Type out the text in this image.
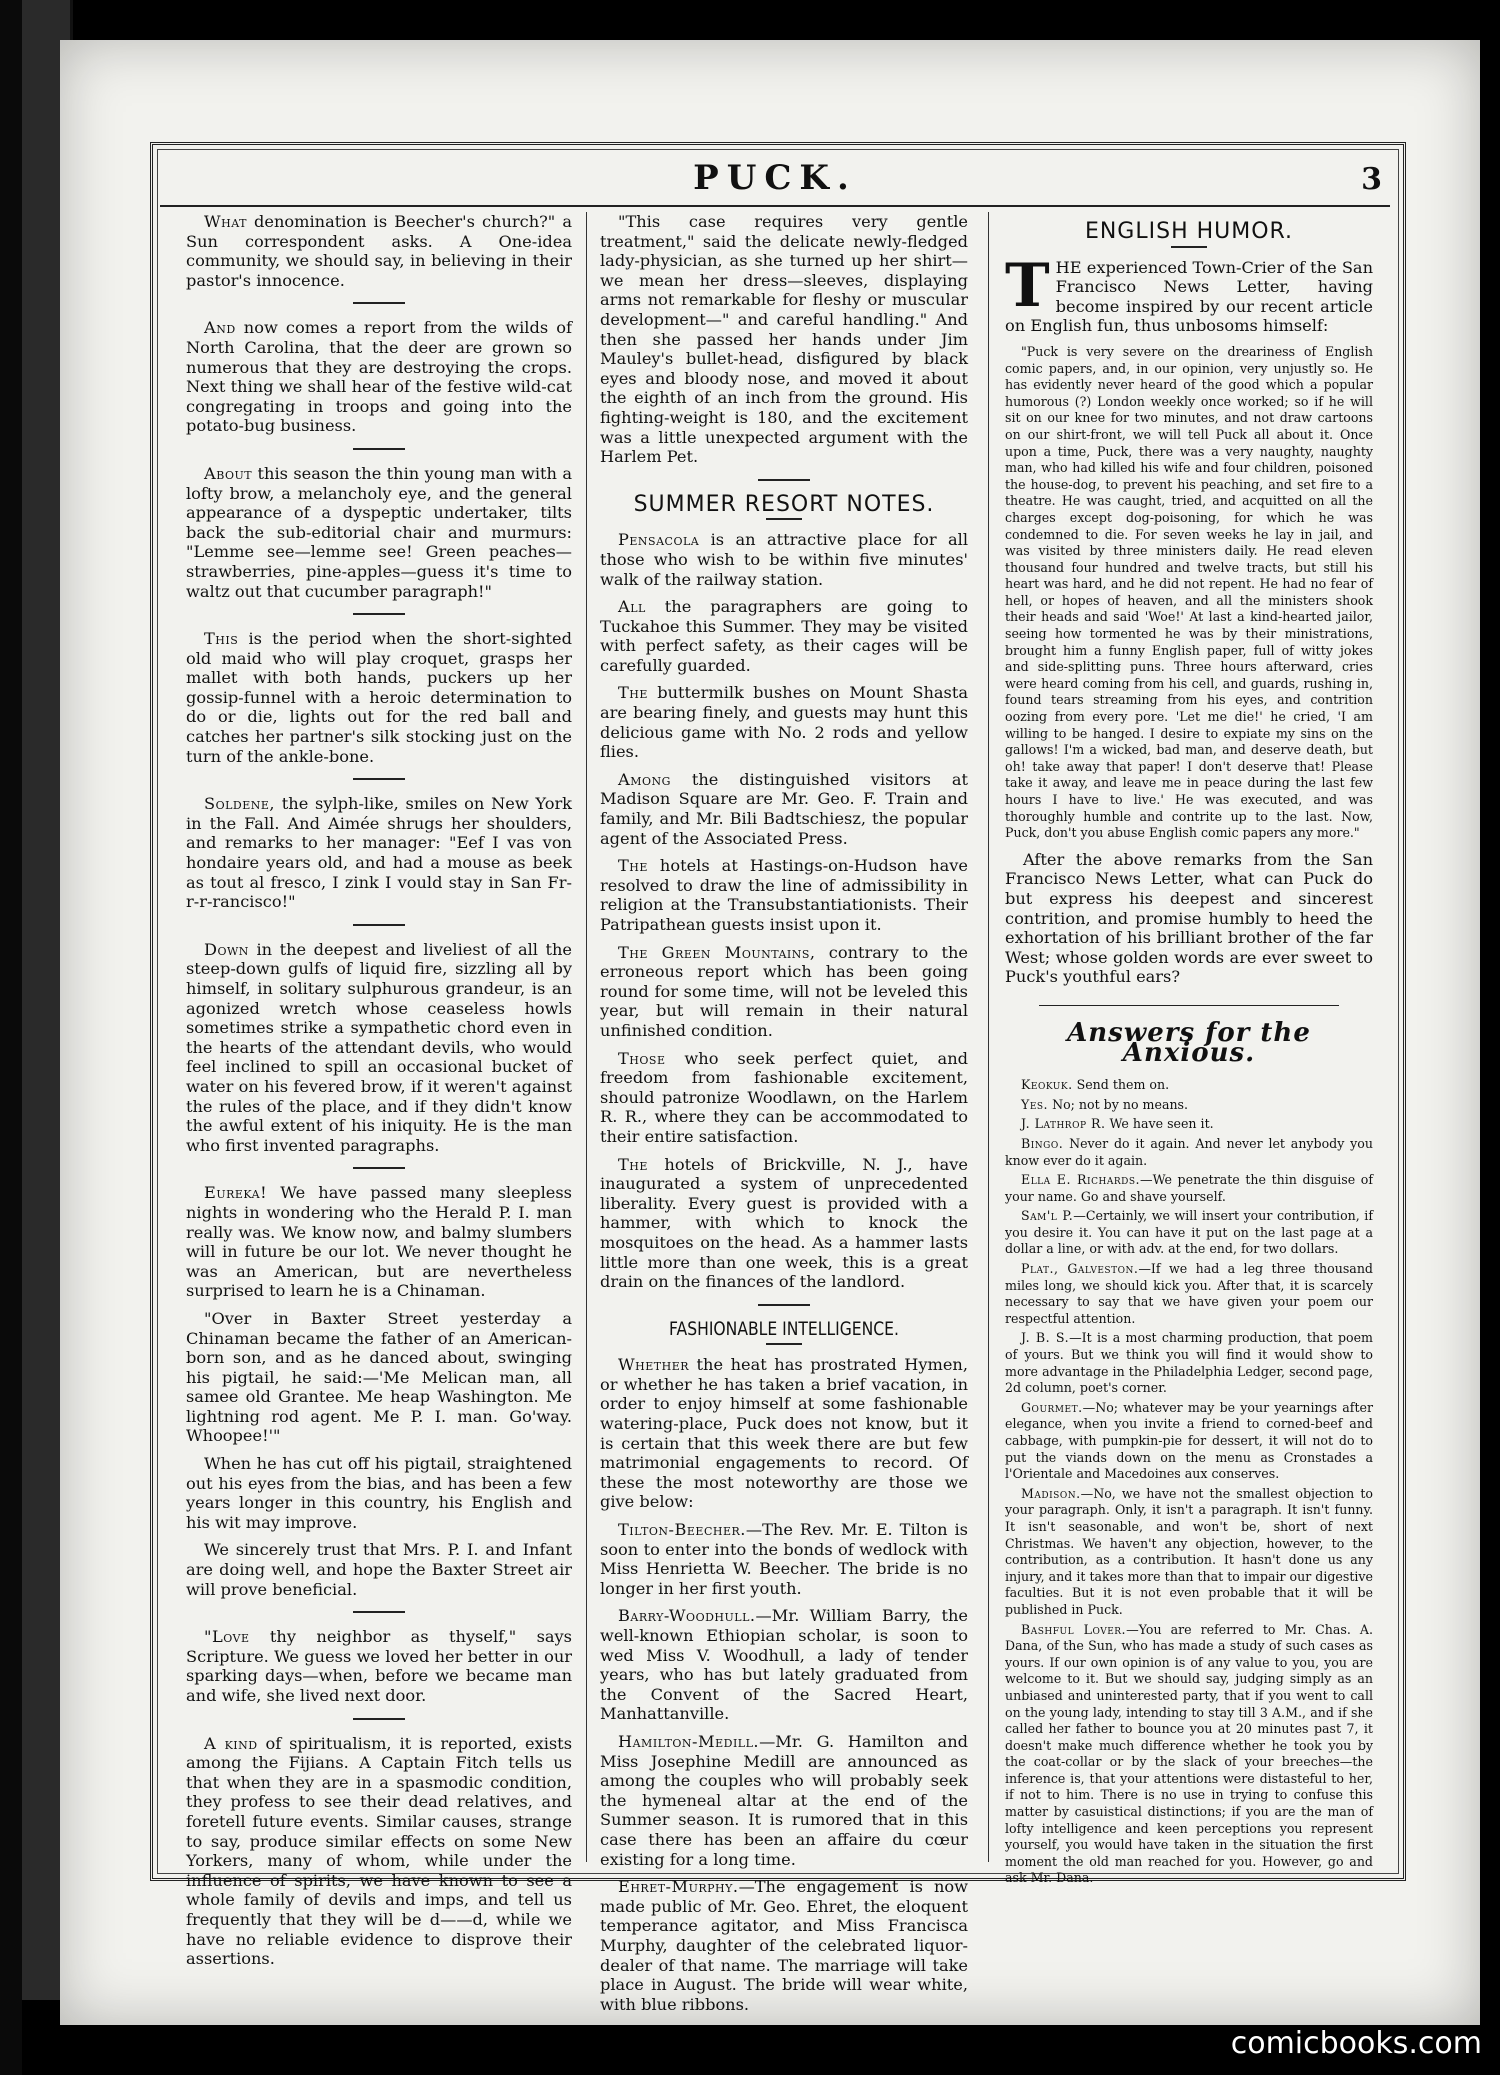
PUCK.	3

What denomination is Beecher's church?" a Sun correspondent asks. A One-idea community, we should say, in believing in their pastor's innocence.

And now comes a report from the wilds of North Carolina, that the deer are grown so numerous that they are destroying the crops. Next thing we shall hear of the festive wild-cat congregating in troops and going into the potato-bug business.

About this season the thin young man with a lofty brow, a melancholy eye, and the general appearance of a dyspeptic undertaker, tilts back the sub-editorial chair and murmurs: "Lemme see—lemme see! Green peaches—strawberries, pine-apples—guess it's time to waltz out that cucumber paragraph!"

This is the period when the short-sighted old maid who will play croquet, grasps her mallet with both hands, puckers up her gossip-funnel with a heroic determination to do or die, lights out for the red ball and catches her partner's silk stocking just on the turn of the ankle-bone.

Soldene, the sylph-like, smiles on New York in the Fall. And Aimée shrugs her shoulders, and remarks to her manager: "Eef I vas von hondaire years old, and had a mouse as beek as tout al fresco, I zink I vould stay in San Fr-r-r-rancisco!"

Down in the deepest and liveliest of all the steep-down gulfs of liquid fire, sizzling all by himself, in solitary sulphurous grandeur, is an agonized wretch whose ceaseless howls sometimes strike a sympathetic chord even in the hearts of the attendant devils, who would feel inclined to spill an occasional bucket of water on his fevered brow, if it weren't against the rules of the place, and if they didn't know the awful extent of his iniquity. He is the man who first invented paragraphs.

Eureka! We have passed many sleepless nights in wondering who the Herald P. I. man really was. We know now, and balmy slumbers will in future be our lot. We never thought he was an American, but are nevertheless surprised to learn he is a Chinaman.

"Over in Baxter Street yesterday a Chinaman became the father of an American-born son, and as he danced about, swinging his pigtail, he said:—'Me Melican man, all samee old Grantee. Me heap Washington. Me lightning rod agent. Me P. I. man. Go'way. Whoopee!'"

When he has cut off his pigtail, straightened out his eyes from the bias, and has been a few years longer in this country, his English and his wit may improve.

We sincerely trust that Mrs. P. I. and Infant are doing well, and hope the Baxter Street air will prove beneficial.

"Love thy neighbor as thyself," says Scripture. We guess we loved her better in our sparking days—when, before we became man and wife, she lived next door.

A kind of spiritualism, it is reported, exists among the Fijians. A Captain Fitch tells us that when they are in a spasmodic condition, they profess to see their dead relatives, and foretell future events. Similar causes, strange to say, produce similar effects on some New Yorkers, many of whom, while under the influence of spirits, we have known to see a whole family of devils and imps, and tell us frequently that they will be d——d, while we have no reliable evidence to disprove their assertions.

"This case requires very gentle treatment," said the delicate newly-fledged lady-physician, as she turned up her shirt—we mean her dress—sleeves, displaying arms not remarkable for fleshy or muscular development—" and careful handling." And then she passed her hands under Jim Mauley's bullet-head, disfigured by black eyes and bloody nose, and moved it about the eighth of an inch from the ground. His fighting-weight is 180, and the excitement was a little unexpected argument with the Harlem Pet.

SUMMER RESORT NOTES.

Pensacola is an attractive place for all those who wish to be within five minutes' walk of the railway station.

All the paragraphers are going to Tuckahoe this Summer. They may be visited with perfect safety, as their cages will be carefully guarded.

The buttermilk bushes on Mount Shasta are bearing finely, and guests may hunt this delicious game with No. 2 rods and yellow flies.

Among the distinguished visitors at Madison Square are Mr. Geo. F. Train and family, and Mr. Bili Badtschiesz, the popular agent of the Associated Press.

The hotels at Hastings-on-Hudson have resolved to draw the line of admissibility in religion at the Transubstantiationists. Their Patripathean guests insist upon it.

The Green Mountains, contrary to the erroneous report which has been going round for some time, will not be leveled this year, but will remain in their natural unfinished condition.

Those who seek perfect quiet, and freedom from fashionable excitement, should patronize Woodlawn, on the Harlem R. R., where they can be accommodated to their entire satisfaction.

The hotels of Brickville, N. J., have inaugurated a system of unprecedented liberality. Every guest is provided with a hammer, with which to knock the mosquitoes on the head. As a hammer lasts little more than one week, this is a great drain on the finances of the landlord.

FASHIONABLE INTELLIGENCE.

Whether the heat has prostrated Hymen, or whether he has taken a brief vacation, in order to enjoy himself at some fashionable watering-place, Puck does not know, but it is certain that this week there are but few matrimonial engagements to record. Of these the most noteworthy are those we give below:

Tilton-Beecher.—The Rev. Mr. E. Tilton is soon to enter into the bonds of wedlock with Miss Henrietta W. Beecher. The bride is no longer in her first youth.

Barry-Woodhull.—Mr. William Barry, the well-known Ethiopian scholar, is soon to wed Miss V. Woodhull, a lady of tender years, who has but lately graduated from the Convent of the Sacred Heart, Manhattanville.

Hamilton-Medill.—Mr. G. Hamilton and Miss Josephine Medill are announced as among the couples who will probably seek the hymeneal altar at the end of the Summer season. It is rumored that in this case there has been an affaire du cœur existing for a long time.

Ehret-Murphy.—The engagement is now made public of Mr. Geo. Ehret, the eloquent temperance agitator, and Miss Francisca Murphy, daughter of the celebrated liquor-dealer of that name. The marriage will take place in August. The bride will wear white, with blue ribbons.

ENGLISH HUMOR.

THE experienced Town-Crier of the San Francisco News Letter, having become inspired by our recent article on English fun, thus unbosoms himself:

"Puck is very severe on the dreariness of English comic papers, and, in our opinion, very unjustly so. He has evidently never heard of the good which a popular humorous (?) London weekly once worked; so if he will sit on our knee for two minutes, and not draw cartoons on our shirt-front, we will tell Puck all about it. Once upon a time, Puck, there was a very naughty, naughty man, who had killed his wife and four children, poisoned the house-dog, to prevent his peaching, and set fire to a theatre. He was caught, tried, and acquitted on all the charges except dog-poisoning, for which he was condemned to die. For seven weeks he lay in jail, and was visited by three ministers daily. He read eleven thousand four hundred and twelve tracts, but still his heart was hard, and he did not repent. He had no fear of hell, or hopes of heaven, and all the ministers shook their heads and said 'Woe!' At last a kind-hearted jailor, seeing how tormented he was by their ministrations, brought him a funny English paper, full of witty jokes and side-splitting puns. Three hours afterward, cries were heard coming from his cell, and guards, rushing in, found tears streaming from his eyes, and contrition oozing from every pore. 'Let me die!' he cried, 'I am willing to be hanged. I desire to expiate my sins on the gallows! I'm a wicked, bad man, and deserve death, but oh! take away that paper! I don't deserve that! Please take it away, and leave me in peace during the last few hours I have to live.' He was executed, and was thoroughly humble and contrite up to the last. Now, Puck, don't you abuse English comic papers any more."

After the above remarks from the San Francisco News Letter, what can Puck do but express his deepest and sincerest contrition, and promise humbly to heed the exhortation of his brilliant brother of the far West; whose golden words are ever sweet to Puck's youthful ears?

Answers for the Anxious.

Keokuk. Send them on.

Yes. No; not by no means.

J. Lathrop R. We have seen it.

Bingo. Never do it again. And never let anybody you know ever do it again.

Ella E. Richards.—We penetrate the thin disguise of your name. Go and shave yourself.

Sam'l P.—Certainly, we will insert your contribution, if you desire it. You can have it put on the last page at a dollar a line, or with adv. at the end, for two dollars.

Plat., Galveston.—If we had a leg three thousand miles long, we should kick you. After that, it is scarcely necessary to say that we have given your poem our respectful attention.

J. B. S.—It is a most charming production, that poem of yours. But we think you will find it would show to more advantage in the Philadelphia Ledger, second page, 2d column, poet's corner.

Gourmet.—No; whatever may be your yearnings after elegance, when you invite a friend to corned-beef and cabbage, with pumpkin-pie for dessert, it will not do to put the viands down on the menu as Cronstades a l'Orientale and Macedoines aux conserves.

Madison.—No, we have not the smallest objection to your paragraph. Only, it isn't a paragraph. It isn't funny. It isn't seasonable, and won't be, short of next Christmas. We haven't any objection, however, to the contribution, as a contribution. It hasn't done us any injury, and it takes more than that to impair our digestive faculties. But it is not even probable that it will be published in Puck.

Bashful Lover.—You are referred to Mr. Chas. A. Dana, of the Sun, who has made a study of such cases as yours. If our own opinion is of any value to you, you are welcome to it. But we should say, judging simply as an unbiased and uninterested party, that if you went to call on the young lady, intending to stay till 3 A.M., and if she called her father to bounce you at 20 minutes past 7, it doesn't make much difference whether he took you by the coat-collar or by the slack of your breeches—the inference is, that your attentions were distasteful to her, if not to him. There is no use in trying to confuse this matter by casuistical distinctions; if you are the man of lofty intelligence and keen perceptions you represent yourself, you would have taken in the situation the first moment the old man reached for you. However, go and ask Mr. Dana.

comicbooks.com
